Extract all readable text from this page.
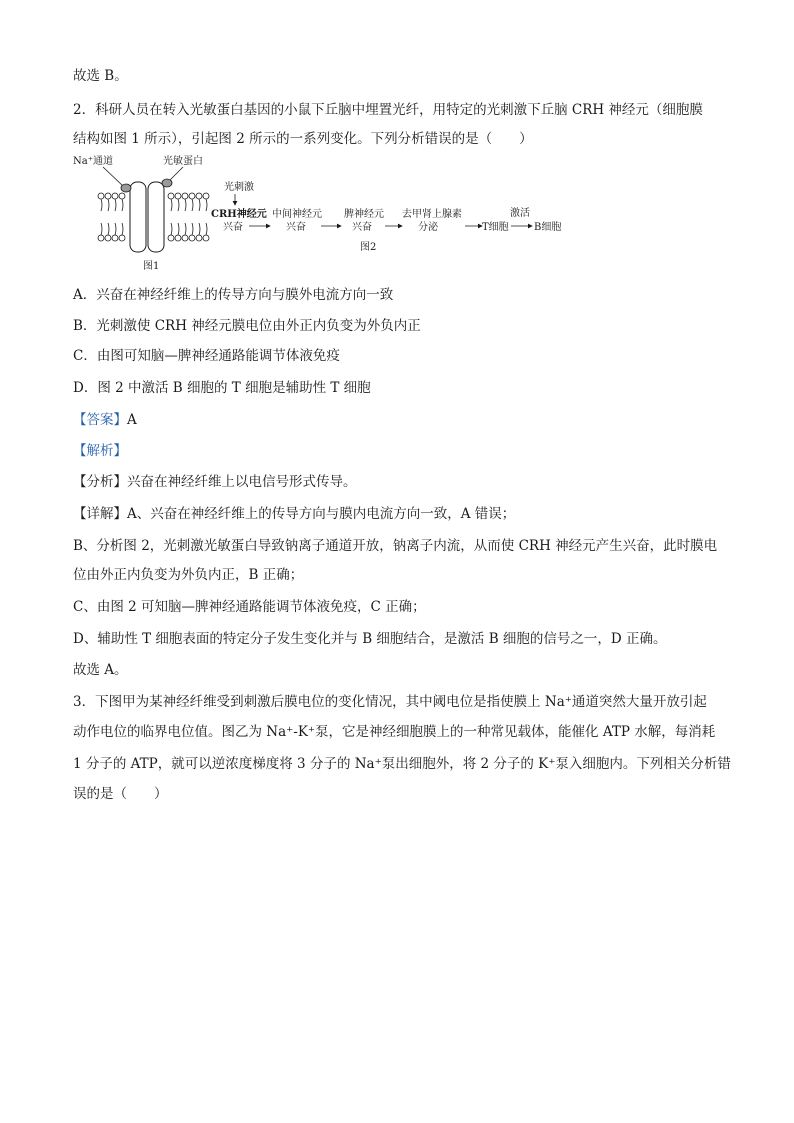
故选 B。
2．科研人员在转入光敏蛋白基因的小鼠下丘脑中埋置光纤，用特定的光刺激下丘脑 CRH 神经元（细胞膜
结构如图 1 所示），引起图 2 所示的一系列变化。下列分析错误的是（　　）
Na⁺通道	光敏蛋白
图1
光刺激
CRH神经元
兴奋
中间神经元
兴奋
脾神经元
兴奋
去甲肾上腺素
分泌	T细胞
激活
B细胞
图2
A．兴奋在神经纤维上的传导方向与膜外电流方向一致
B．光刺激使 CRH 神经元膜电位由外正内负变为外负内正
C．由图可知脑—脾神经通路能调节体液免疫
D．图 2 中激活 B 细胞的 T 细胞是辅助性 T 细胞
【答案】A
【解析】
【分析】兴奋在神经纤维上以电信号形式传导。
【详解】A、兴奋在神经纤维上的传导方向与膜内电流方向一致，A 错误；
B、分析图 2，光刺激光敏蛋白导致钠离子通道开放，钠离子内流，从而使 CRH 神经元产生兴奋，此时膜电
位由外正内负变为外负内正，B 正确；
C、由图 2 可知脑—脾神经通路能调节体液免疫，C 正确；
D、辅助性 T 细胞表面的特定分子发生变化并与 B 细胞结合，是激活 B 细胞的信号之一，D 正确。
故选 A。
3．下图甲为某神经纤维受到刺激后膜电位的变化情况，其中阈电位是指使膜上 Na⁺通道突然大量开放引起
动作电位的临界电位值。图乙为 Na⁺-K⁺泵，它是神经细胞膜上的一种常见载体，能催化 ATP 水解，每消耗
1 分子的 ATP，就可以逆浓度梯度将 3 分子的 Na⁺泵出细胞外，将 2 分子的 K⁺泵入细胞内。下列相关分析错
误的是（　　）
